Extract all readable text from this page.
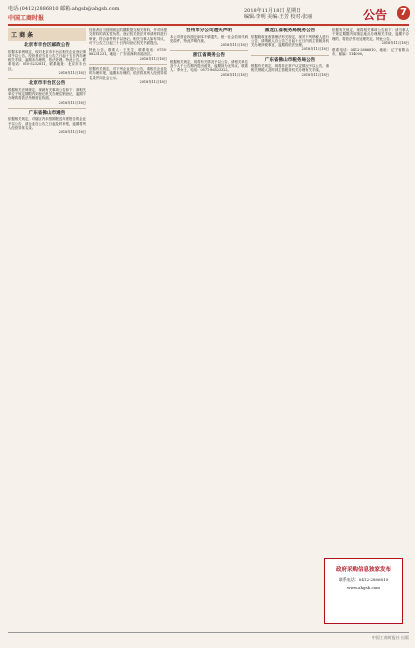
电话:(0412)2886810 邮箱:ahgsb@ahgsb.com
中国工商时报
2018年11月18日 星期日
编辑:李明 美编:王芳 校对:张丽	公告	7
工 商 条
北京市丰台区邮政公告

依据本条例规定，现对北京市丰台区相关企业登记事项予以公告。经营者应当自公告之日起十五日内办理相关手续，逾期未办理的，依法处理。特此公告。联系电话：010-5232811，联系地址：北京市丰台区。

2018年11月18日
北京市丰台区公告

根据相关法律规定，现就有关事项公告如下：请相关单位于规定期限内到登记机关办理注销登记，逾期不办理的将依法吊销营业执照。

2018年11月18日
广东省佛山市通告

依据相关规定，对辖区内未按期报送年度报告的企业予以公告，请企业自公告之日起及时补报，逾期将列入经营异常名录。

2018年11月18日

经营者应当按照规定的期限提交相关材料，并对所提交材料的真实性负责。登记机关依法对申请材料进行审查，符合条件的予以登记。相关当事人如有异议，可于公告之日起三十日内向登记机关书面提出。

特此公告。联系人：王先生，联系电话：0755-88231231。地址：广东省深圳市福田区。

2018年11月18日

依据有关规定，对下列企业进行公告，请相关企业及时办理年报，逾期未办理的，依法将其列入经营异常名录并向社会公示。

2018年11月18日
台州市分公司遗失声明

本公司营业执照正副本不慎遗失，统一社会信用代码见原件，特此声明作废。

2018年11月18日
浙江省商务公告

根据相关规定，现将有关情况予以公告，请相关单位及个人于公告期内提出意见，逾期视为无异议。联系人：李女士，电话：0571-86523322。

2018年11月18日
黑龙江省税务局税务公告

依据税收征收管理法有关规定，现对下列纳税人进行公告，请纳税人自公告之日起十五日内到主管税务机关办理涉税事宜，逾期将依法处理。

2018年11月18日
广东省佛山市税务局公告

根据有关规定，现将非正常户认定情况予以公告，请相关纳税人及时到主管税务机关办理有关手续。

2018年11月18日

依据有关规定，现将相关事项公告如下：请当事人于规定期限内到指定地点办理相关手续，逾期不办理的，将依法作出处理决定。特此公告。

2018年11月18日

联系电话：0412-2886810，地址：辽宁省鞍山市，邮编：114000。

政府采购信息独家发布
联系电话：0412-2886810
www.ahgsb.com
中国工商时报社 出版
